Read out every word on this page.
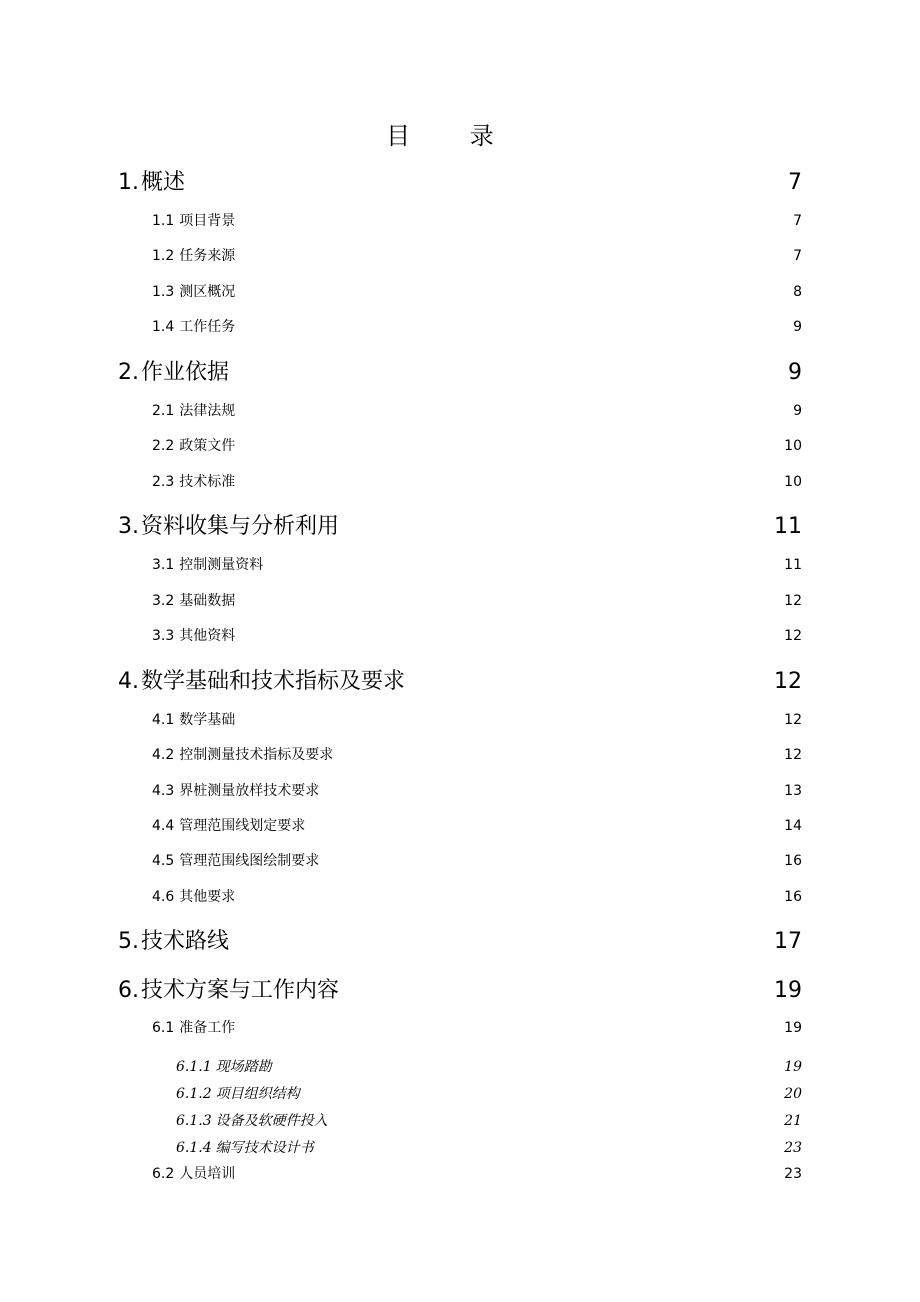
目 录
1. 概述	7
1.1 项目背景	7
1.2 任务来源	7
1.3 测区概况	8
1.4 工作任务	9
2. 作业依据	9
2.1 法律法规	9
2.2 政策文件	10
2.3 技术标准	10
3. 资料收集与分析利用	11
3.1 控制测量资料	11
3.2 基础数据	12
3.3 其他资料	12
4. 数学基础和技术指标及要求	12
4.1 数学基础	12
4.2 控制测量技术指标及要求	12
4.3 界桩测量放样技术要求	13
4.4 管理范围线划定要求	14
4.5 管理范围线图绘制要求	16
4.6 其他要求	16
5. 技术路线	17
6. 技术方案与工作内容	19
6.1 准备工作	19
6.1.1 现场踏勘	19
6.1.2 项目组织结构	20
6.1.3 设备及软硬件投入	21
6.1.4 编写技术设计书	23
6.2 人员培训	23
